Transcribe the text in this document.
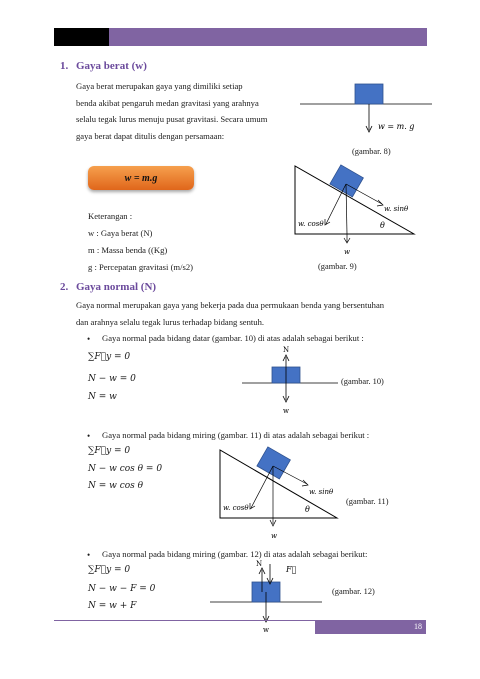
1. Gaya berat (w)
Gaya berat merupakan gaya yang dimiliki setiap
benda akibat pengaruh medan gravitasi yang arahnya
selalu tegak lurus menuju pusat gravitasi. Secara umum
gaya berat dapat ditulis dengan persamaan:
w = m.g
Keterangan :
w : Gaya berat (N)
m : Massa benda ((Kg)
g : Percepatan gravitasi (m/s2)
w = m. g
(gambar. 8)
w. sinθ
w. cosθ	θ
w
(gambar. 9)
2. Gaya normal (N)
Gaya normal merupakan gaya yang bekerja pada dua permukaan benda yang bersentuhan
dan arahnya selalu tegak lurus terhadap bidang sentuh.
• Gaya normal pada bidang datar (gambar. 10) di atas adalah sebagai berikut :
∑F⃗y = 0
N − w = 0
N = w
N
w
(gambar. 10)
• Gaya normal pada bidang miring (gambar. 11) di atas adalah sebagai berikut :
∑F⃗y = 0
N − w cos θ = 0
N = w cos θ
w. sinθ
w. cosθ	θ
w
(gambar. 11)
• Gaya normal pada bidang miring (gambar. 12) di atas adalah sebagai berikut:
∑F⃗y = 0
N − w − F = 0
N = w + F
N
F⃗
w
(gambar. 12)
18
